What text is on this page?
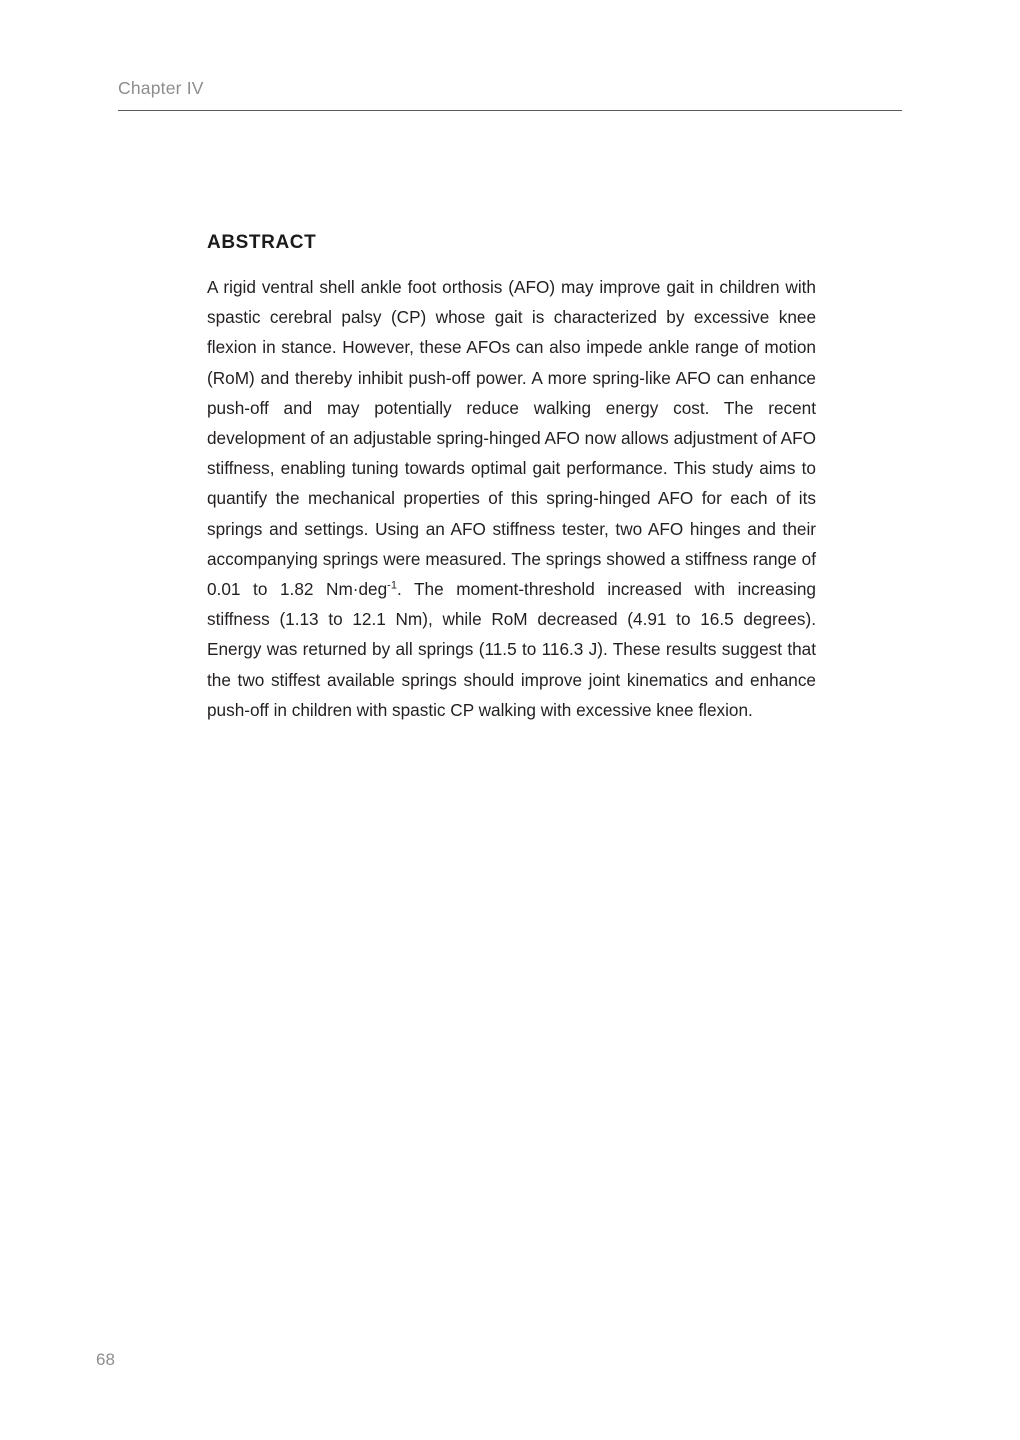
Chapter IV
ABSTRACT

A rigid ventral shell ankle foot orthosis (AFO) may improve gait in children with spastic cerebral palsy (CP) whose gait is characterized by excessive knee flexion in stance. However, these AFOs can also impede ankle range of motion (RoM) and thereby inhibit push-off power. A more spring-like AFO can enhance push-off and may potentially reduce walking energy cost. The recent development of an adjustable spring-hinged AFO now allows adjustment of AFO stiffness, enabling tuning towards optimal gait performance. This study aims to quantify the mechanical properties of this spring-hinged AFO for each of its springs and settings. Using an AFO stiffness tester, two AFO hinges and their accompanying springs were measured. The springs showed a stiffness range of 0.01 to 1.82 Nm·deg$^{-1}$. The moment-threshold increased with increasing stiffness (1.13 to 12.1 Nm), while RoM decreased (4.91 to 16.5 degrees). Energy was returned by all springs (11.5 to 116.3 J). These results suggest that the two stiffest available springs should improve joint kinematics and enhance push-off in children with spastic CP walking with excessive knee flexion.

68
